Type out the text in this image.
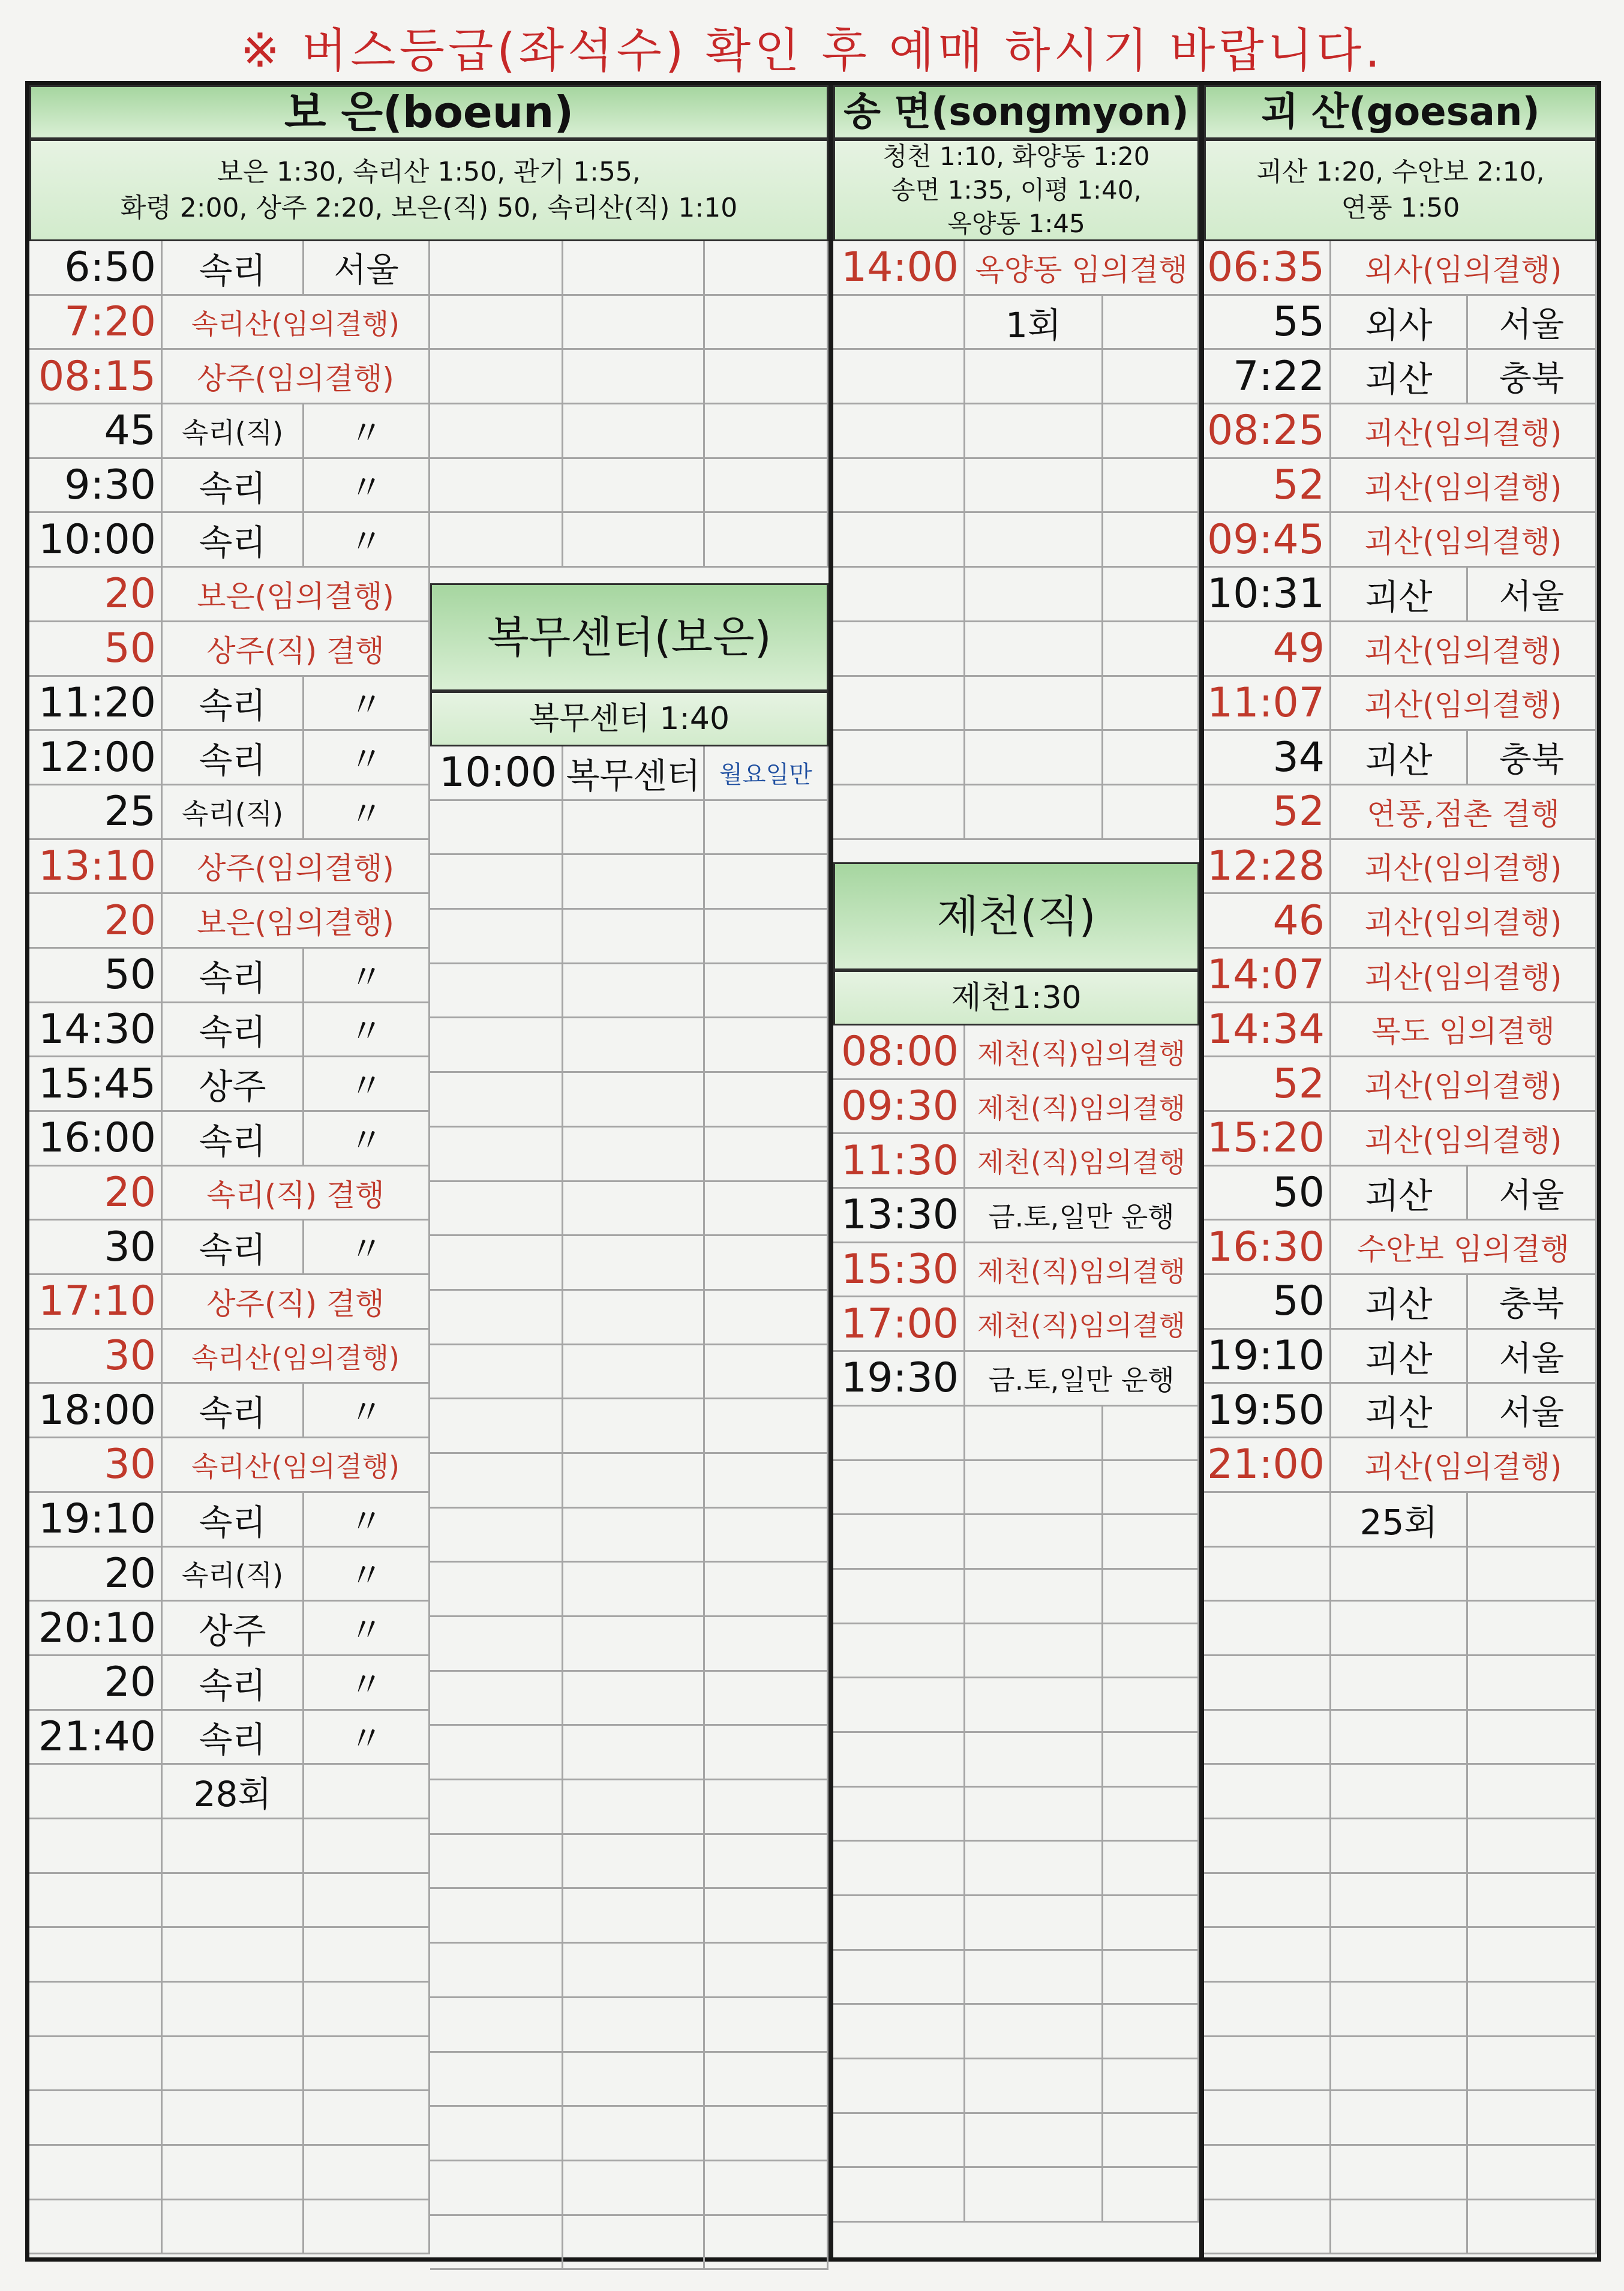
※ 버스등급(좌석수) 확인 후 예매 하시기 바랍니다.
보 은(boeun)
보은 1:30, 속리산 1:50, 관기 1:55,
화령 2:00, 상주 2:20, 보은(직) 50, 속리산(직) 1:10
6:50	속리	서울
7:20	속리산(임의결행)
08:15	상주(임의결행)
45 속리(직)	〃
9:30	속리	〃
10:00	속리	〃
20	보은(임의결행)
50	상주(직) 결행
11:20	속리	〃
12:00	속리	〃
25 속리(직)	〃
13:10	상주(임의결행)
20	보은(임의결행)
50	속리	〃
14:30	속리	〃
15:45	상주	〃
16:00	속리	〃
20	속리(직) 결행
30	속리	〃
17:10	상주(직) 결행
30	속리산(임의결행)
18:00	속리	〃
30	속리산(임의결행)
19:10	속리	〃
20 속리(직)	〃
20:10	상주	〃
20	속리	〃
21:40	속리	〃
28회
복무센터(보은)
복무센터 1:40
10:00 복무센터 월요일만
송 면(songmyon)
청천 1:10, 화양동 1:20
송면 1:35, 이평 1:40,
옥양동 1:45
14:00 옥양동 임의결행
1회
제천(직)
제천1:30
08:00 제천(직)임의결행
09:30 제천(직)임의결행
11:30 제천(직)임의결행
13:30	금.토,일만 운행
15:30 제천(직)임의결행
17:00 제천(직)임의결행
19:30	금.토,일만 운행
괴 산(goesan)
괴산 1:20, 수안보 2:10,
연풍 1:50
06:35	외사(임의결행)
55	외사	서울
7:22	괴산	충북
08:25	괴산(임의결행)
52	괴산(임의결행)
09:45	괴산(임의결행)
10:31	괴산	서울
49	괴산(임의결행)
11:07	괴산(임의결행)
34	괴산	충북
52	연풍,점촌 결행
12:28	괴산(임의결행)
46	괴산(임의결행)
14:07	괴산(임의결행)
14:34	목도 임의결행
52	괴산(임의결행)
15:20	괴산(임의결행)
50	괴산	서울
16:30	수안보 임의결행
50	괴산	충북
19:10	괴산	서울
19:50	괴산	서울
21:00	괴산(임의결행)
25회
